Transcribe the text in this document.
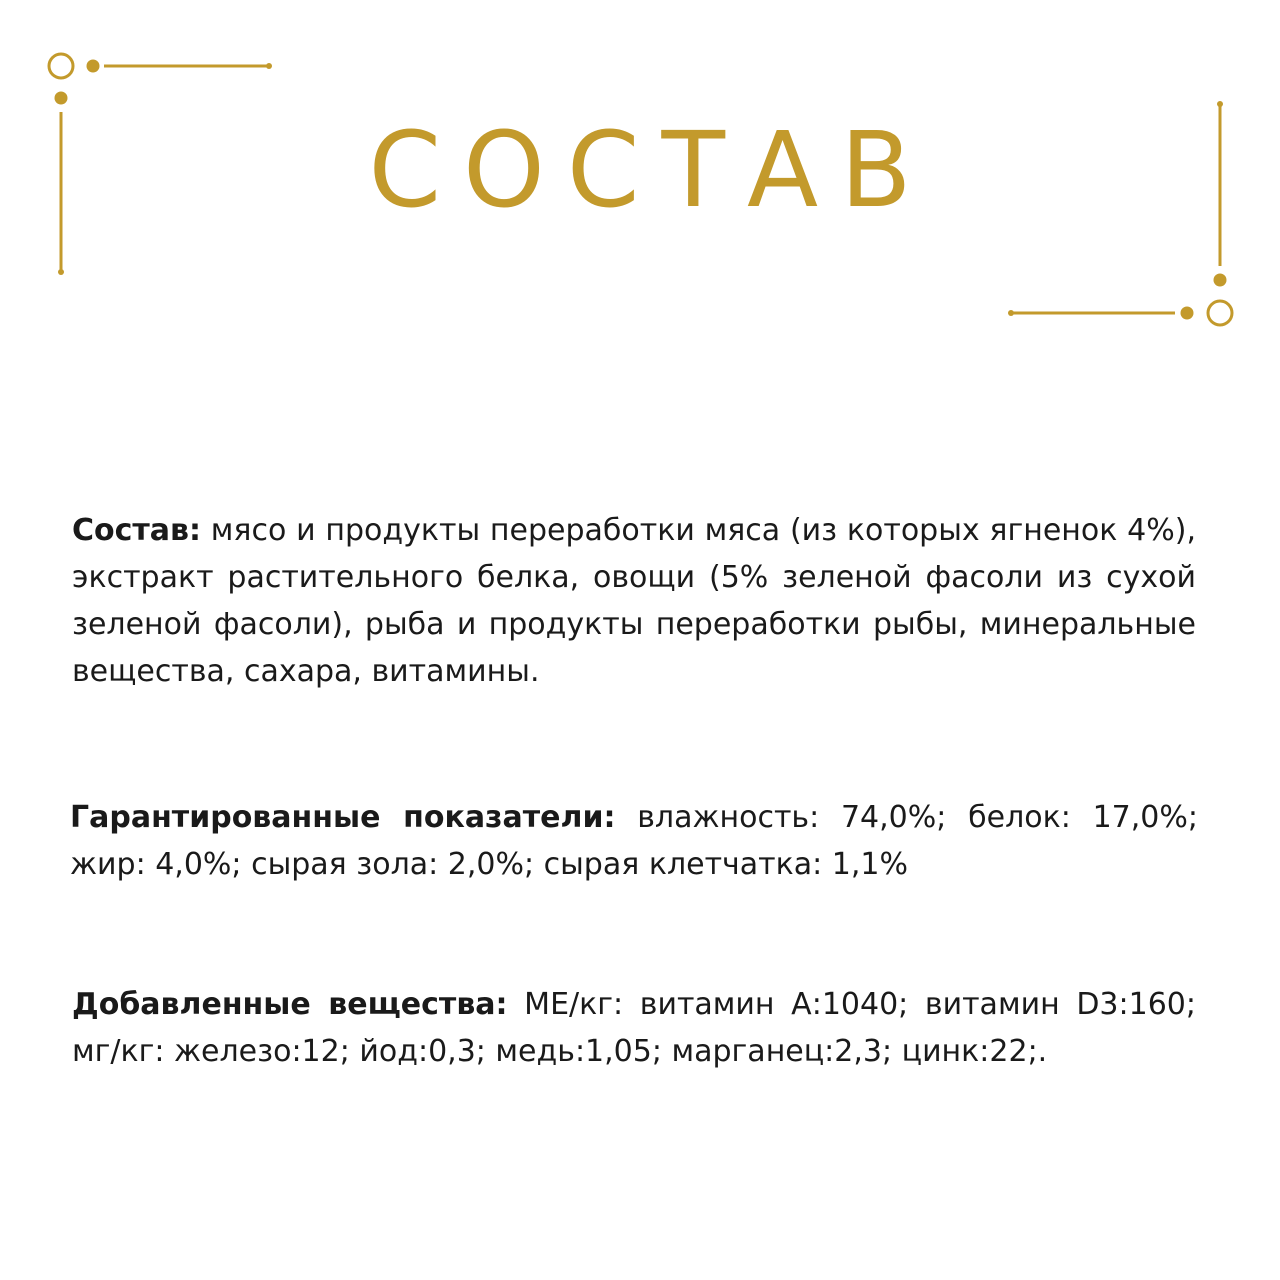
СОСТАВ

Состав: мясо и продукты переработки мяса (из которых ягненок 4%), экстракт растительного белка, овощи (5% зеленой фасоли из сухой зеленой фасоли), рыба и продукты переработки рыбы, минеральные вещества, сахара, витамины.

Гарантированные показатели: влажность: 74,0%; белок: 17,0%; жир: 4,0%; сырая зола: 2,0%; сырая клетчатка: 1,1%

Добавленные вещества: МЕ/кг: витамин А:1040; витамин D3:160; мг/кг: железо:12; йод:0,3; медь:1,05; марганец:2,3; цинк:22;.
